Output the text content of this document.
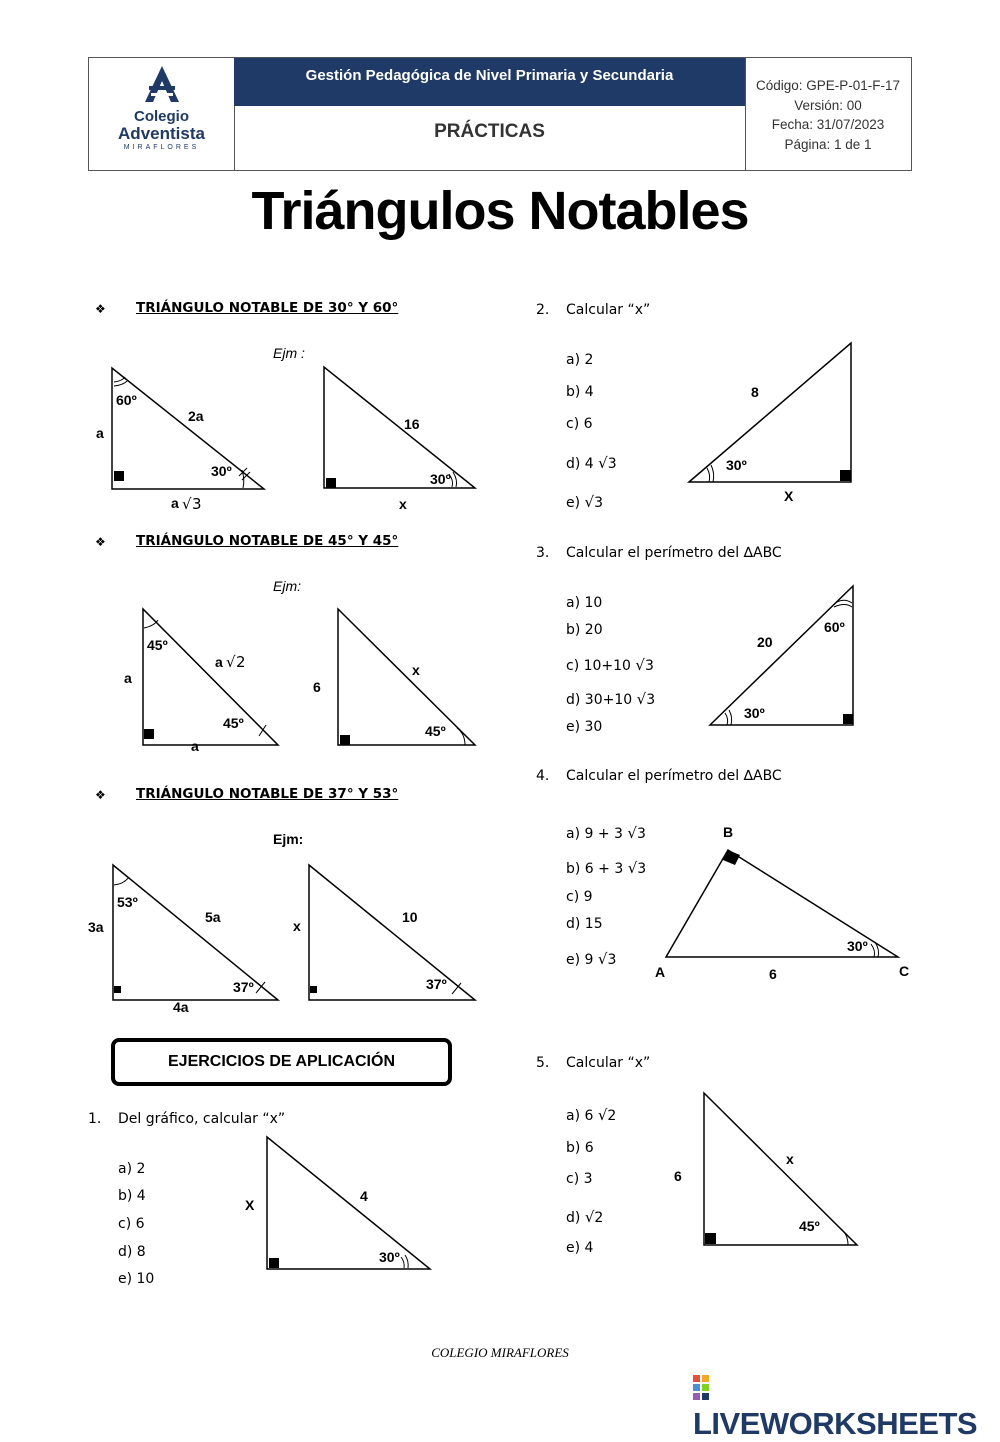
Colegio
Adventista
MIRAFLORES
Gestión Pedagógica de Nivel Primaria y Secundaria
PRÁCTICAS
Código: GPE-P-01-F-17
Versión: 00
Fecha: 31/07/2023
Página: 1 de 1
Triángulos Notables
❖ TRIÁNGULO NOTABLE DE 30° Y 60°
Ejm :
60º
2a
a
30º
a √ 3
16
30º
x
❖ TRIÁNGULO NOTABLE DE 45° Y 45°
Ejm:
45º
a √ 2
a
45º
a
6
x
45º
❖ TRIÁNGULO NOTABLE DE 37° Y 53°
Ejm:
53º
3a
5a
37º
4a
x
10
37º
EJERCICIOS DE APLICACIÓN
1. Del gráfico, calcular “x”
a) 2
b) 4
c) 6
d) 8
e) 10
X
4
30º
2. Calcular “x”
a) 2
b) 4
c) 6
d) 4 √3
e) √3
8
30º
X
3. Calcular el perímetro del ∆ABC
a) 10
b) 20
c) 10+10 √3
d) 30+10 √3
e) 30
20
60º
30º
4. Calcular el perímetro del ∆ABC
a) 9 + 3 √3
b) 6 + 3 √3
c) 9
d) 15
e) 9 √3
B
A	C
6
30º
5. Calcular “x”
a) 6 √2
b) 6
c) 3
d) √2
e) 4
6
x
45º
COLEGIO MIRAFLORES
LIVEWORKSHEETS
